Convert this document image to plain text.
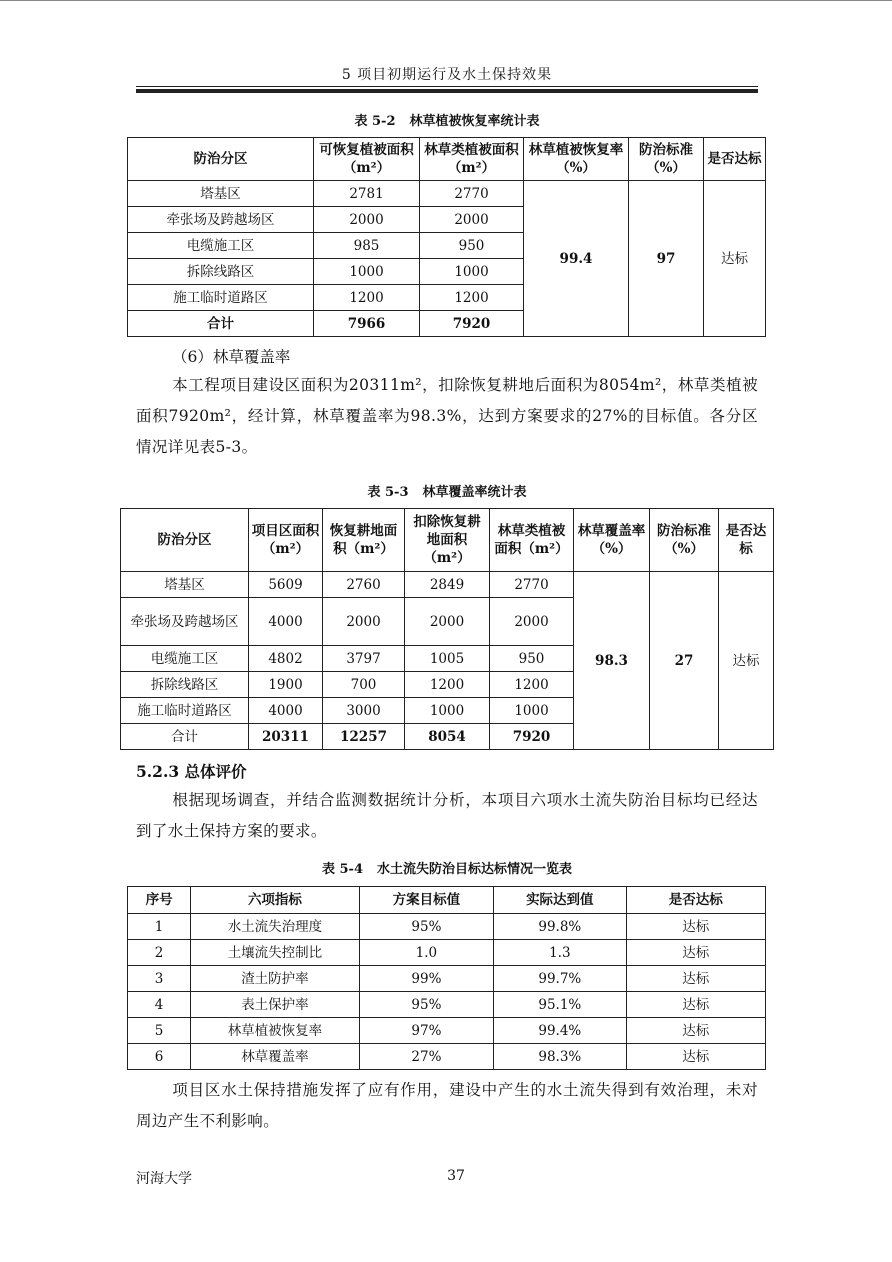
5 项目初期运行及水土保持效果
表 5-2 林草植被恢复率统计表
防治分区	可恢复植被面积（m²）	林草类植被面积（m²）	林草植被恢复率（%）	防治标准（%）	是否达标
塔基区	2781	2770	99.4	97	达标
牵张场及跨越场区	2000	2000			
电缆施工区	985	950			
拆除线路区	1000	1000			
施工临时道路区	1200	1200			
合计	7966	7920			
（6）林草覆盖率
本工程项目建设区面积为20311m²，扣除恢复耕地后面积为8054m²，林草类植被面积7920m²，经计算，林草覆盖率为98.3%，达到方案要求的27%的目标值。各分区情况详见表5-3。
表 5-3 林草覆盖率统计表
防治分区	项目区面积（m²）	恢复耕地面积（m²）	扣除恢复耕地面积（m²）	林草类植被面积（m²）	林草覆盖率（%）	防治标准（%）	是否达标
塔基区	5609	2760	2849	2770	98.3	27	达标
牵张场及跨越场区	4000	2000	2000	2000			
电缆施工区	4802	3797	1005	950			
拆除线路区	1900	700	1200	1200			
施工临时道路区	4000	3000	1000	1000			
合计	20311	12257	8054	7920			
5.2.3 总体评价
根据现场调查，并结合监测数据统计分析，本项目六项水土流失防治目标均已经达到了水土保持方案的要求。
表 5-4 水土流失防治目标达标情况一览表
序号	六项指标	方案目标值	实际达到值	是否达标
1	水土流失治理度	95%	99.8%	达标
2	土壤流失控制比	1.0	1.3	达标
3	渣土防护率	99%	99.7%	达标
4	表土保护率	95%	95.1%	达标
5	林草植被恢复率	97%	99.4%	达标
6	林草覆盖率	27%	98.3%	达标
项目区水土保持措施发挥了应有作用，建设中产生的水土流失得到有效治理，未对周边产生不利影响。
河海大学	37
